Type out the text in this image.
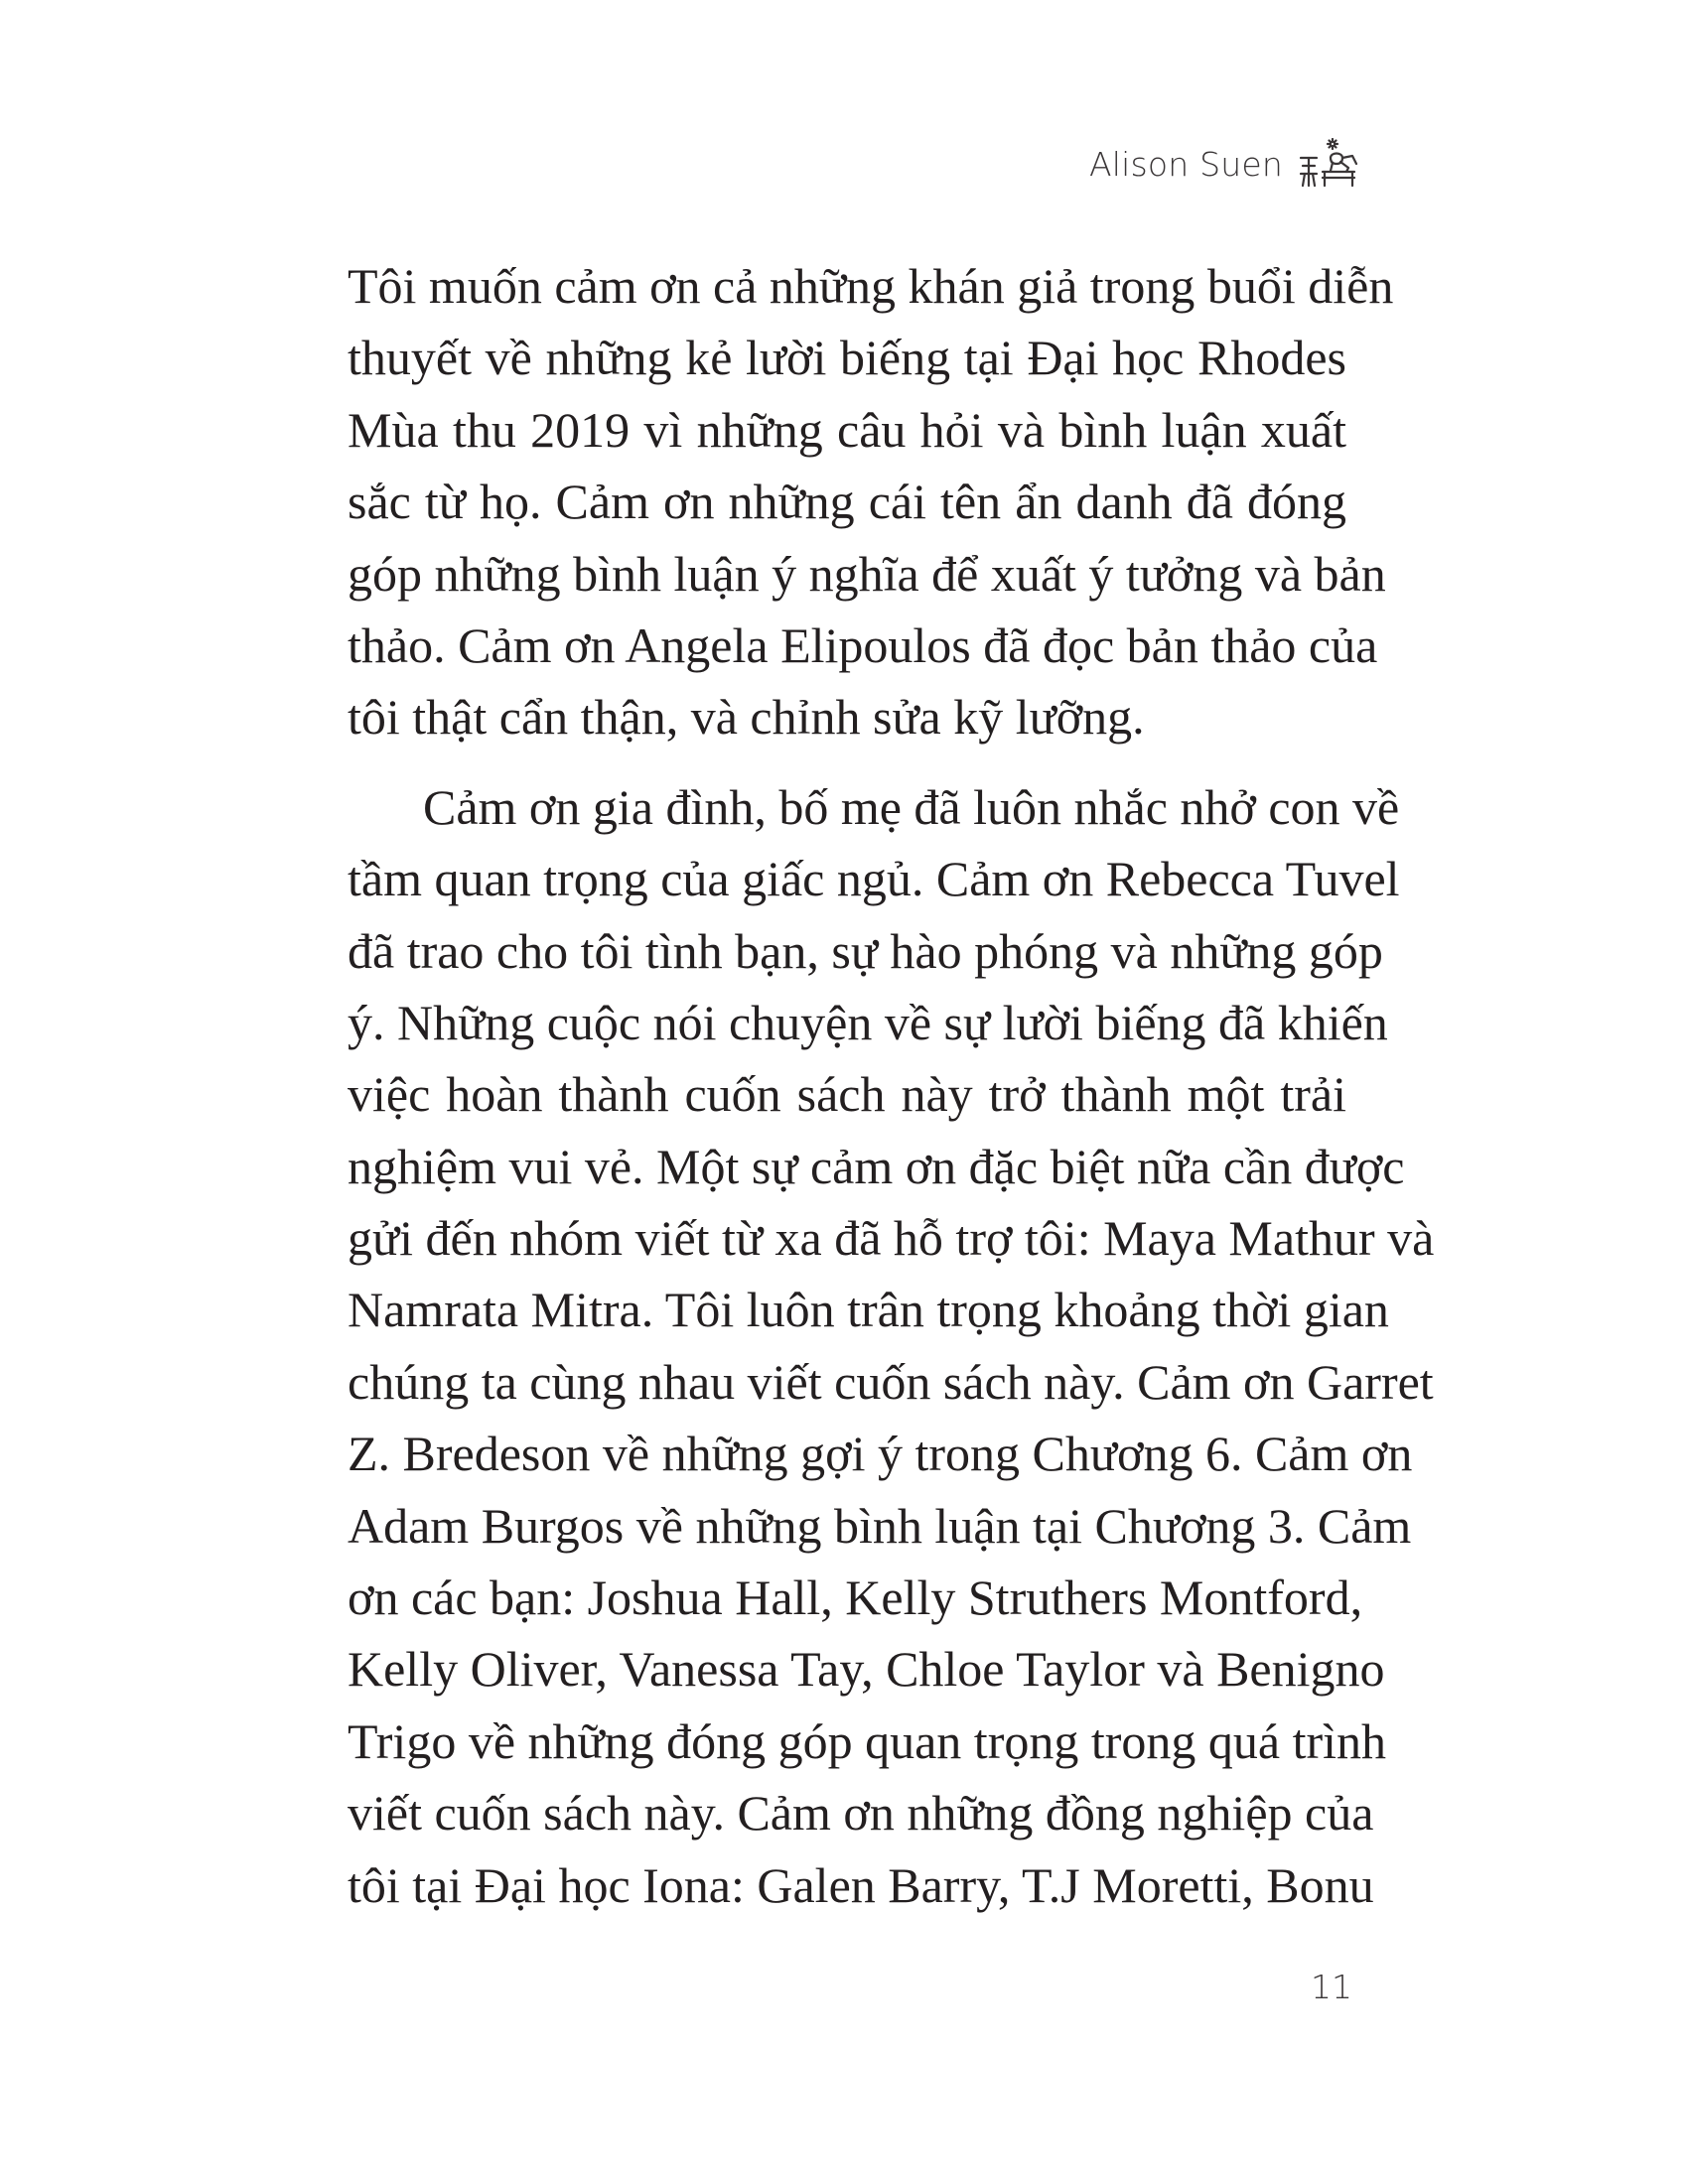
Alison Suen
Tôi muốn cảm ơn cả những khán giả trong buổi diễn
thuyết về những kẻ lười biếng tại Đại học Rhodes
Mùa thu 2019 vì những câu hỏi và bình luận xuất
sắc từ họ. Cảm ơn những cái tên ẩn danh đã đóng
góp những bình luận ý nghĩa để xuất ý tưởng và bản
thảo. Cảm ơn Angela Elipoulos đã đọc bản thảo của
tôi thật cẩn thận, và chỉnh sửa kỹ lưỡng.
Cảm ơn gia đình, bố mẹ đã luôn nhắc nhở con về
tầm quan trọng của giấc ngủ. Cảm ơn Rebecca Tuvel
đã trao cho tôi tình bạn, sự hào phóng và những góp
ý. Những cuộc nói chuyện về sự lười biếng đã khiến
việc hoàn thành cuốn sách này trở thành một trải
nghiệm vui vẻ. Một sự cảm ơn đặc biệt nữa cần được
gửi đến nhóm viết từ xa đã hỗ trợ tôi: Maya Mathur và
Namrata Mitra. Tôi luôn trân trọng khoảng thời gian
chúng ta cùng nhau viết cuốn sách này. Cảm ơn Garret
Z. Bredeson về những gợi ý trong Chương 6. Cảm ơn
Adam Burgos về những bình luận tại Chương 3. Cảm
ơn các bạn: Joshua Hall, Kelly Struthers Montford,
Kelly Oliver, Vanessa Tay, Chloe Taylor và Benigno
Trigo về những đóng góp quan trọng trong quá trình
viết cuốn sách này. Cảm ơn những đồng nghiệp của
tôi tại Đại học Iona: Galen Barry, T.J Moretti, Bonu
11
